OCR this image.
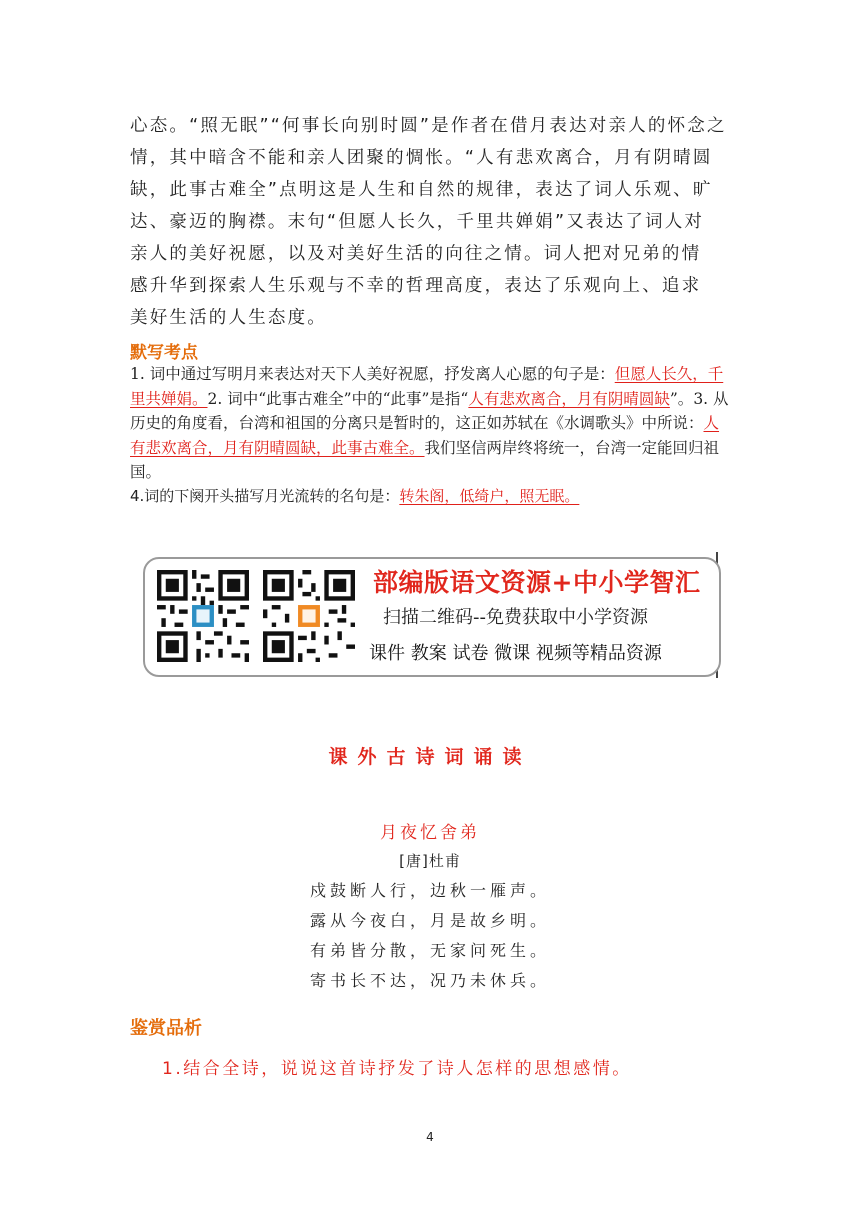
心态。“照无眠”“何事长向别时圆”是作者在借月表达对亲人的怀念之
情，其中暗含不能和亲人团聚的惆怅。“人有悲欢离合，月有阴晴圆
缺，此事古难全”点明这是人生和自然的规律，表达了词人乐观、旷
达、豪迈的胸襟。末句“但愿人长久，千里共婵娟”又表达了词人对
亲人的美好祝愿，以及对美好生活的向往之情。词人把对兄弟的情
感升华到探索人生乐观与不幸的哲理高度，表达了乐观向上、追求
美好生活的人生态度。
默写考点
1. 词中通过写明月来表达对天下人美好祝愿，抒发离人心愿的句子是：但愿人长久，千里共婵娟。2. 词中“此事古难全”中的“此事”是指“人有悲欢离合，月有阴晴圆缺”。3. 从历史的角度看，台湾和祖国的分离只是暂时的，这正如苏轼在《水调歌头》中所说：人有悲欢离合，月有阴晴圆缺，此事古难全。我们坚信两岸终将统一，台湾一定能回归祖国。
4.词的下阕开头描写月光流转的名句是：转朱阁，低绮户，照无眠。
部编版语文资源+中小学智汇
扫描二维码--免费获取中小学资源
课件 教案 试卷 微课 视频等精品资源
课外古诗词诵读
月夜忆舍弟
[唐]杜甫
戍鼓断人行，边秋一雁声。
露从今夜白，月是故乡明。
有弟皆分散，无家问死生。
寄书长不达，况乃未休兵。
鉴赏品析
1.结合全诗，说说这首诗抒发了诗人怎样的思想感情。
4
